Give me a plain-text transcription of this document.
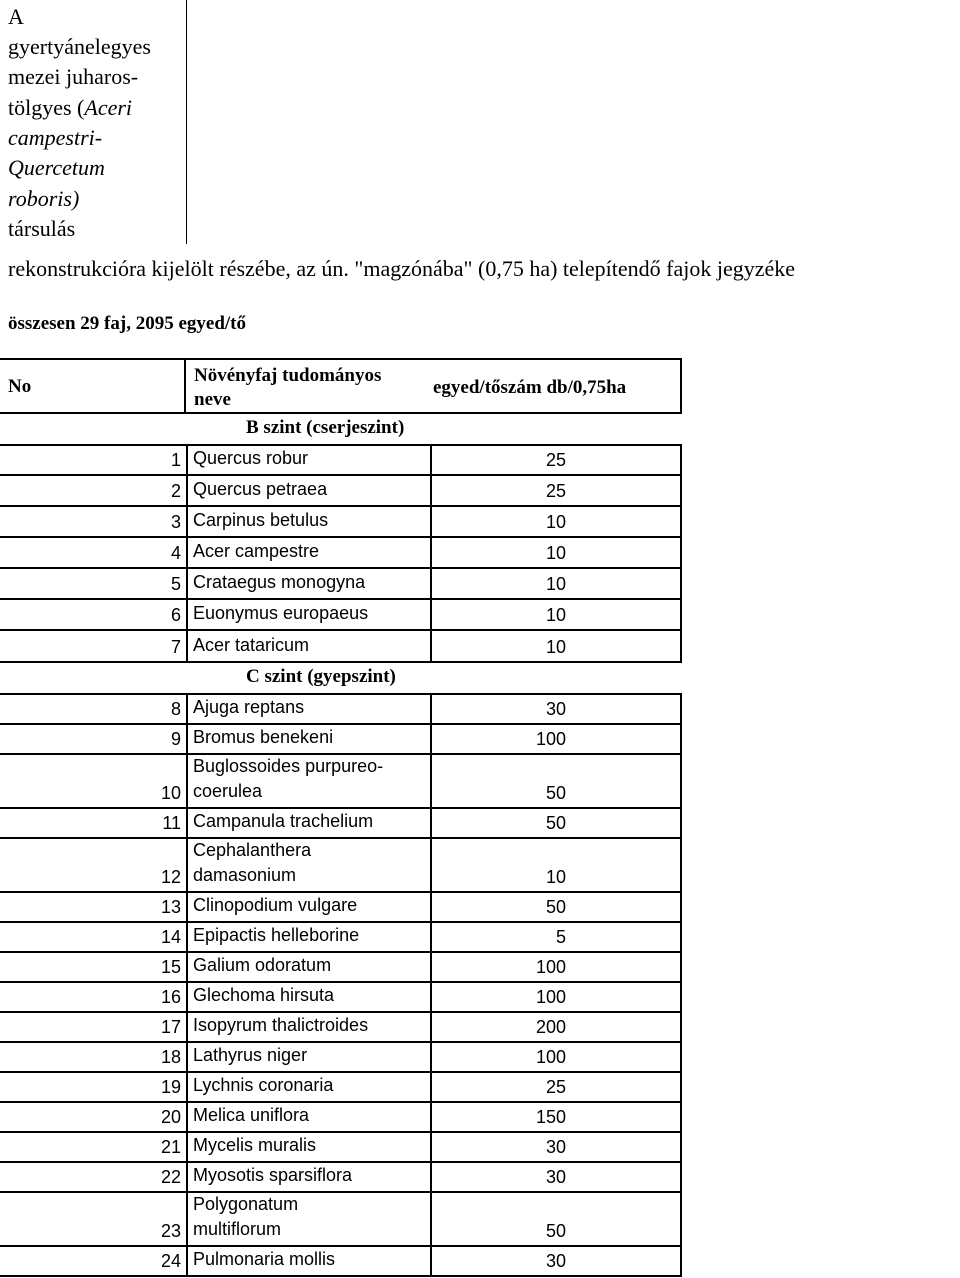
A
gyertyánelegyes
mezei juharos-
tölgyes (Aceri
campestri-
Quercetum
roboris)
társulás
rekonstrukcióra kijelölt részébe, az ún. "magzónába" (0,75 ha) telepítendő fajok jegyzéke
összesen 29 faj, 2095 egyed/tő
No
Növényfaj tudományos
neve
egyed/tőszám db/0,75ha
B szint (cserjeszint)
1 Quercus robur	25
2 Quercus petraea	25
3 Carpinus betulus	10
4 Acer campestre	10
5 Crataegus monogyna	10
6 Euonymus europaeus	10
7 Acer tataricum	10
C szint (gyepszint)
8 Ajuga reptans	30
9 Bromus benekeni	100
10
Buglossoides purpureo-
coerulea	50
11 Campanula trachelium	50
12
Cephalanthera
damasonium	10
13 Clinopodium vulgare	50
14 Epipactis helleborine	5
15 Galium odoratum	100
16 Glechoma hirsuta	100
17 Isopyrum thalictroides	200
18 Lathyrus niger	100
19 Lychnis coronaria	25
20 Melica uniflora	150
21 Mycelis muralis	30
22 Myosotis sparsiflora	30
23
Polygonatum
multiflorum	50
24 Pulmonaria mollis	30
